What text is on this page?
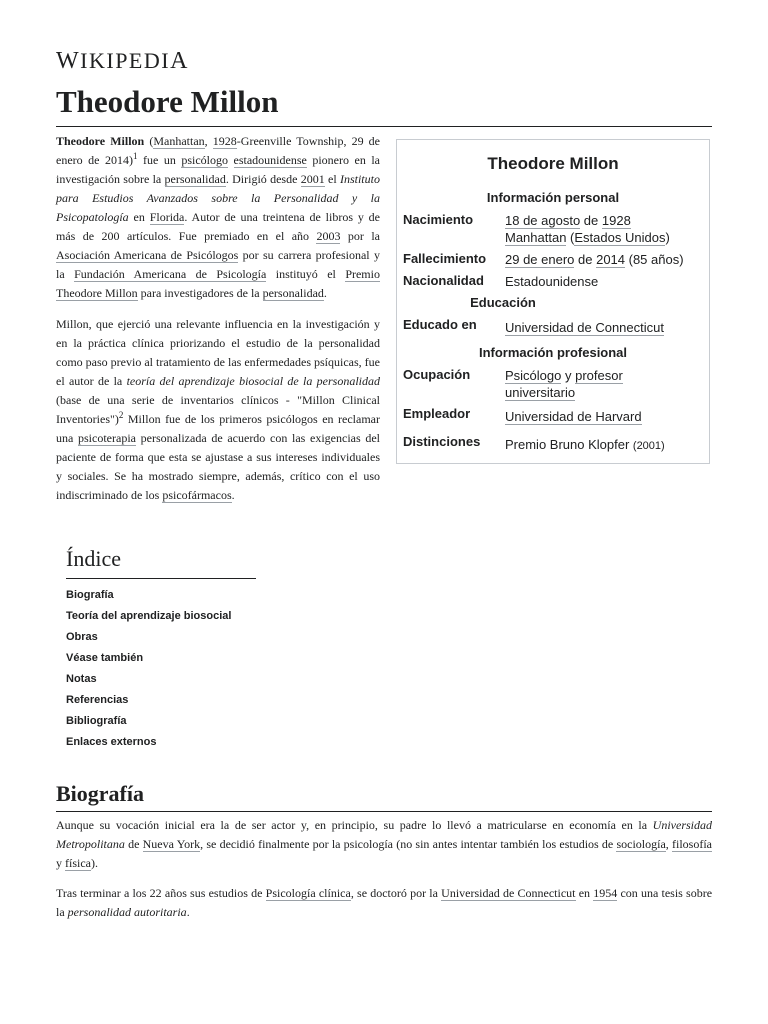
WIKIPEDIA
Theodore Millon

Theodore Millon (Manhattan, 1928-Greenville Township, 29 de enero de 2014)$^1$ fue un psicólogo estadounidense pionero en la investigación sobre la personalidad. Dirigió desde 2001 el Instituto para Estudios Avanzados sobre la Personalidad y la Psicopatología en Florida. Autor de una treintena de libros y de más de 200 artículos. Fue premiado en el año 2003 por la Asociación Americana de Psicólogos por su carrera profesional y la Fundación Americana de Psicología instituyó el Premio Theodore Millon para investigadores de la personalidad.

Millon, que ejerció una relevante influencia en la investigación y en la práctica clínica priorizando el estudio de la personalidad como paso previo al tratamiento de las enfermedades psíquicas, fue el autor de la teoría del aprendizaje biosocial de la personalidad (base de una serie de inventarios clínicos - "Millon Clinical Inventories")$^2$ Millon fue de los primeros psicólogos en reclamar una psicoterapia personalizada de acuerdo con las exigencias del paciente de forma que esta se ajustase a sus intereses individuales y sociales. Se ha mostrado siempre, además, crítico con el uso indiscriminado de los psicofármacos.

Theodore Millon
Información personal
Nacimiento 18 de agosto de 1928
Manhattan (Estados Unidos)
Fallecimiento 29 de enero de 2014 (85 años)
Nacionalidad Estadounidense
Educación
Educado en Universidad de Connecticut
Información profesional
Ocupación	Psicólogo y profesor universitario
Empleador	Universidad de Harvard
Distinciones Premio Bruno Klopfer (2001)
Índice
Biografía
Teoría del aprendizaje biosocial
Obras
Véase también
Notas
Referencias
Bibliografía
Enlaces externos
Biografía

Aunque su vocación inicial era la de ser actor y, en principio, su padre lo llevó a matricularse en economía en la Universidad Metropolitana de Nueva York, se decidió finalmente por la psicología (no sin antes intentar también los estudios de sociología, filosofía y física).

Tras terminar a los 22 años sus estudios de Psicología clínica, se doctoró por la Universidad de Connecticut en 1954 con una tesis sobre la personalidad autoritaria.
